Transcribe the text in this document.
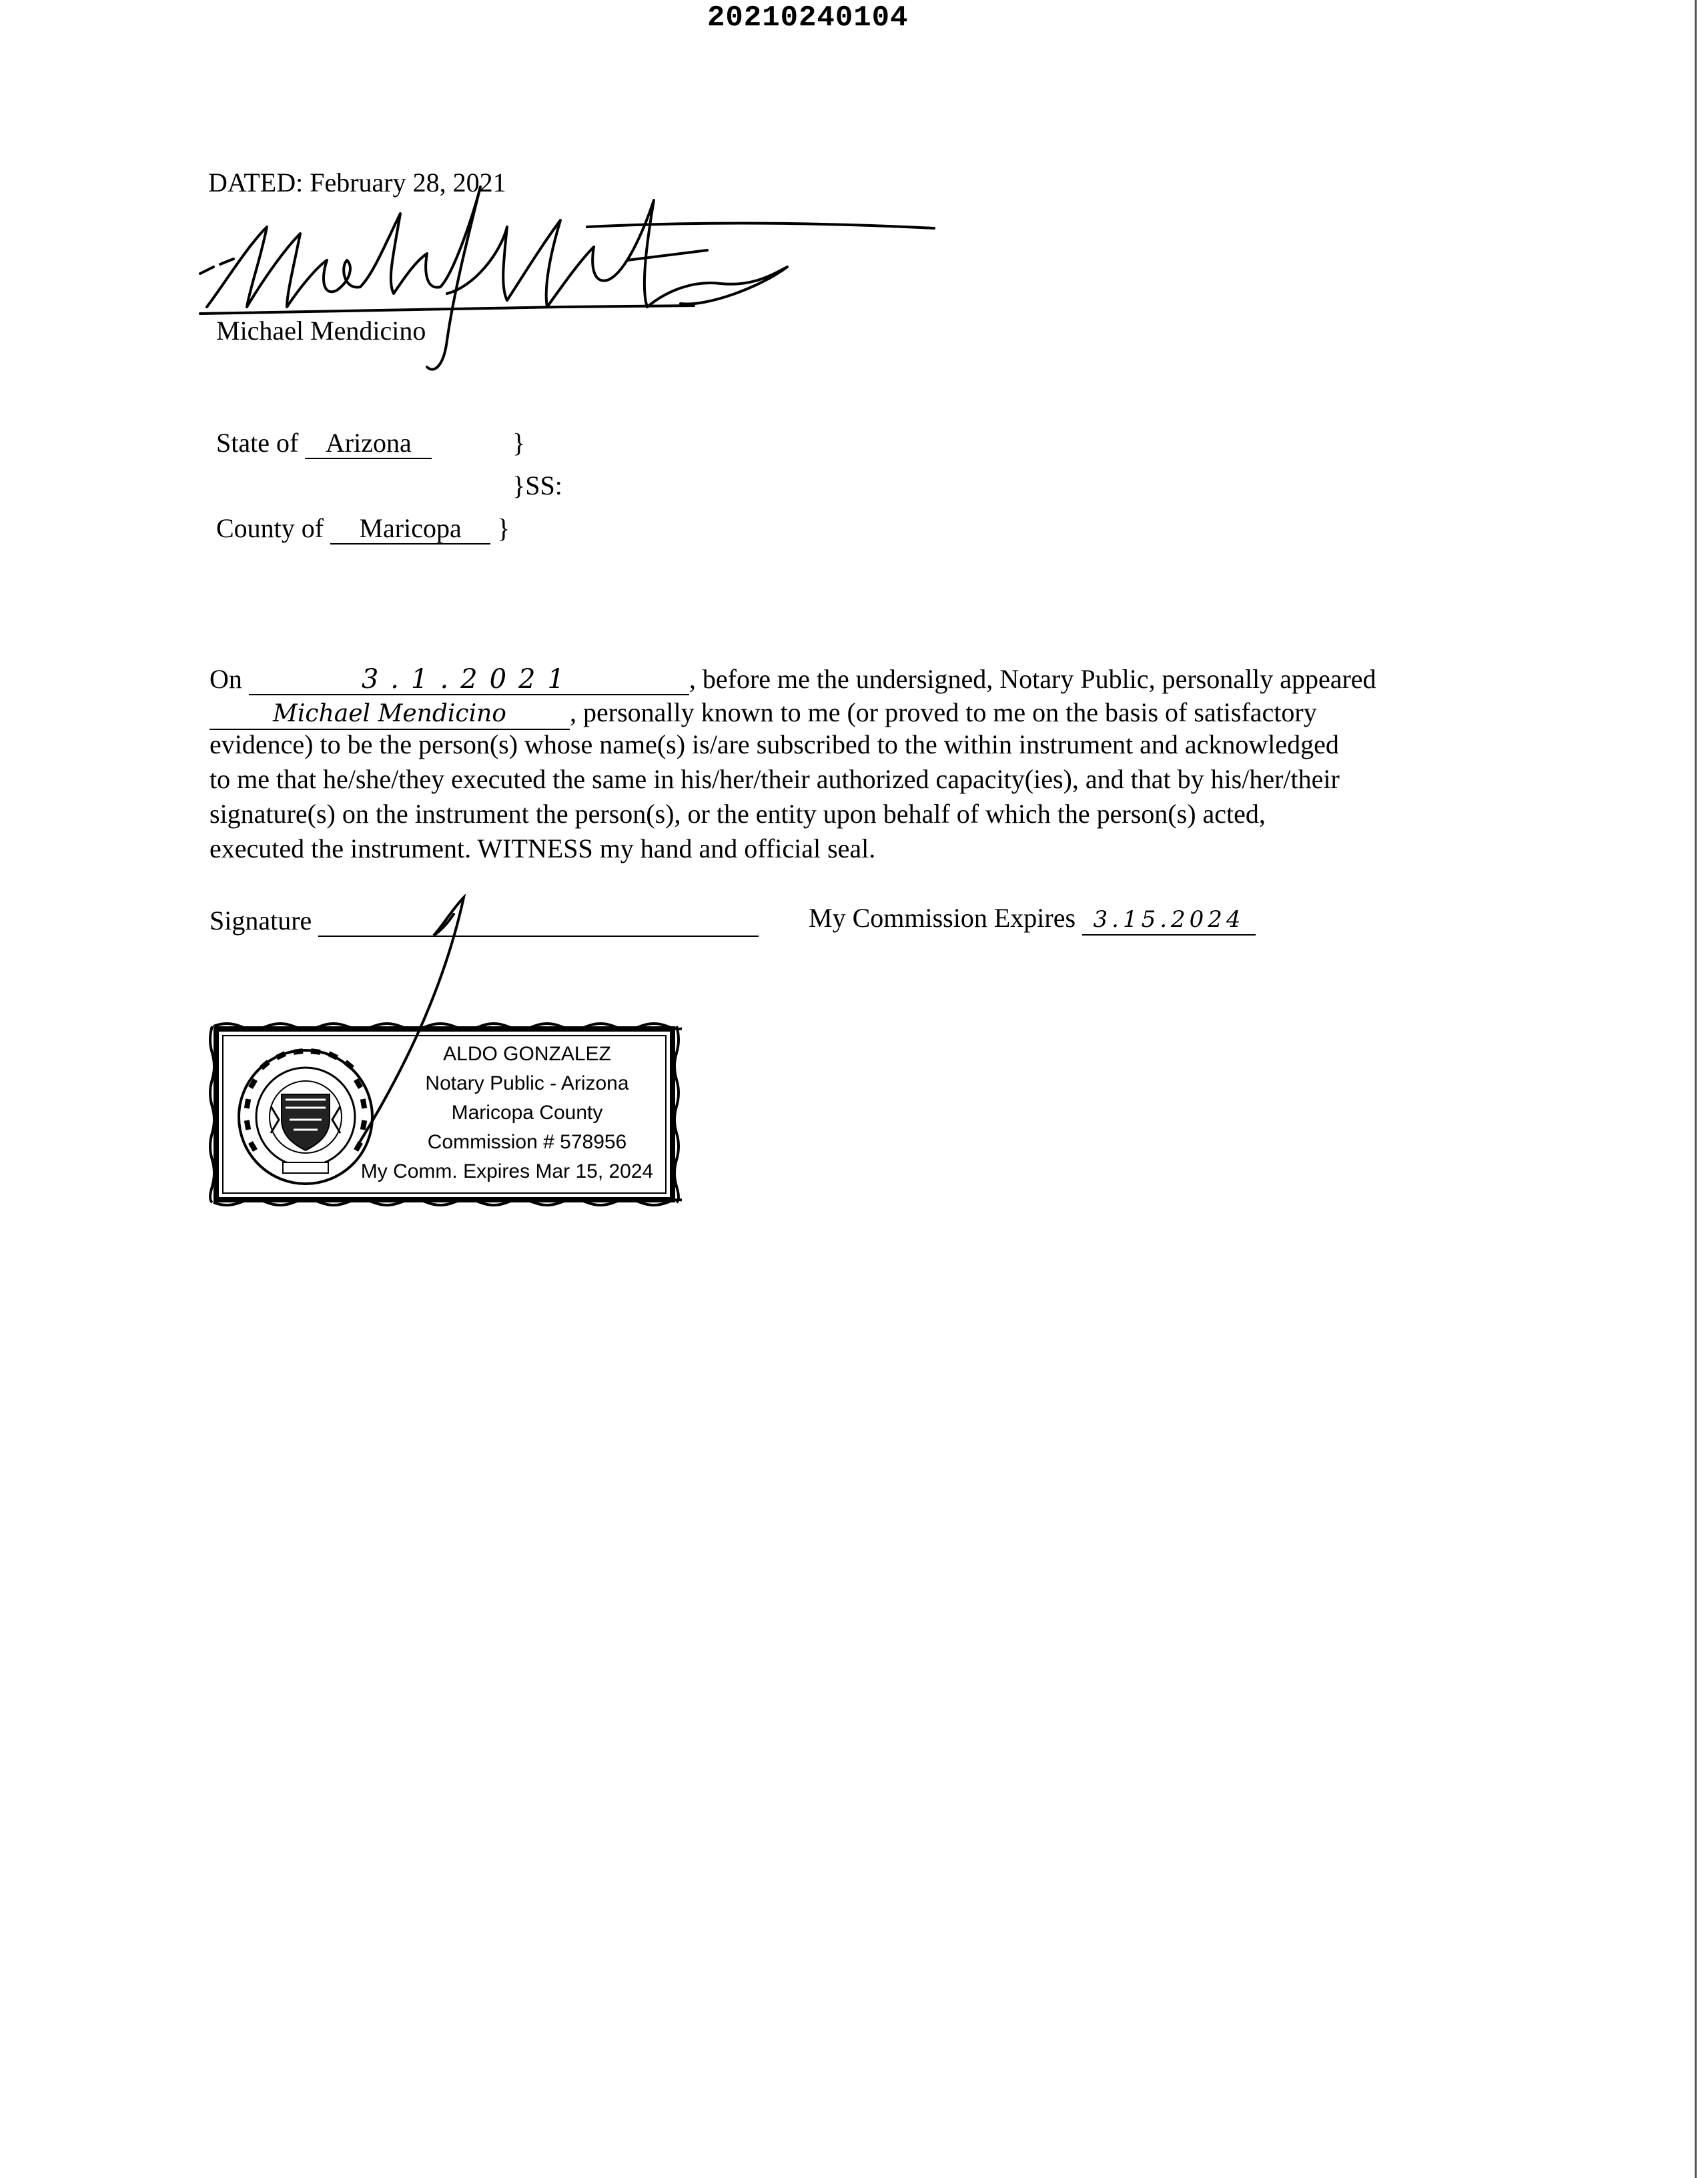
20210240104
DATED: February 28, 2021
Michael Mendicino
State of Arizona	}
}SS:
County of Maricopa }
On	3.1.2021	, before me the undersigned, Notary Public, personally appeared
Michael Mendicino , personally known to me (or proved to me on the basis of satisfactory
evidence) to be the person(s) whose name(s) is/are subscribed to the within instrument and acknowledged
to me that he/she/they executed the same in his/her/their authorized capacity(ies), and that by his/her/their
signature(s) on the instrument the person(s), or the entity upon behalf of which the person(s) acted,
executed the instrument. WITNESS my hand and official seal.
Signature	My Commission Expires 3.15.2024
ALDO GONZALEZ
Notary Public - Arizona
Maricopa County
Commission # 578956
My Comm. Expires Mar 15, 2024
